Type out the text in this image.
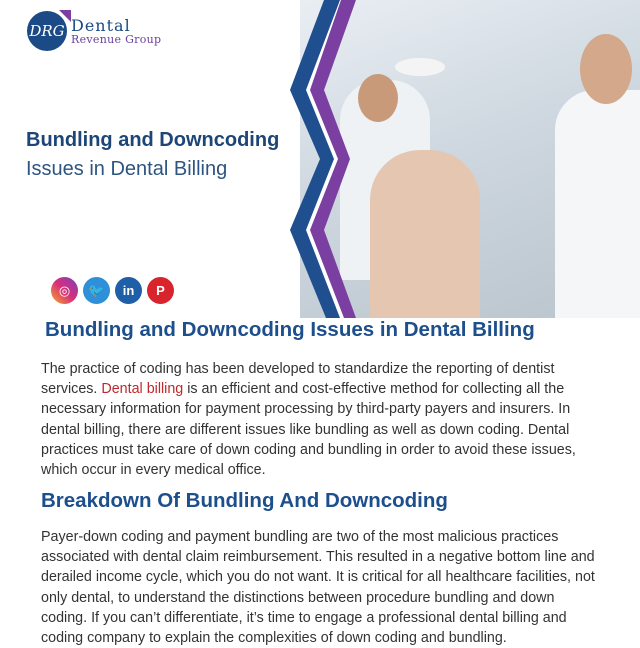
DRG Dental
Revenue Group
Bundling and Downcoding
Issues in Dental Billing
◎	🐦	in	P
Bundling and Downcoding Issues in Dental Billing
The practice of coding has been developed to standardize the reporting of dentist
services. Dental billing is an efficient and cost-effective method for collecting all the
necessary information for payment processing by third-party payers and insurers. In
dental billing, there are different issues like bundling as well as down coding. Dental
practices must take care of down coding and bundling in order to avoid these issues,
which occur in every medical office.
Breakdown Of Bundling And Downcoding
Payer-down coding and payment bundling are two of the most malicious practices
associated with dental claim reimbursement. This resulted in a negative bottom line and
derailed income cycle, which you do not want. It is critical for all healthcare facilities, not
only dental, to understand the distinctions between procedure bundling and down
coding. If you can’t differentiate, it’s time to engage a professional dental billing and
coding company to explain the complexities of down coding and bundling.
